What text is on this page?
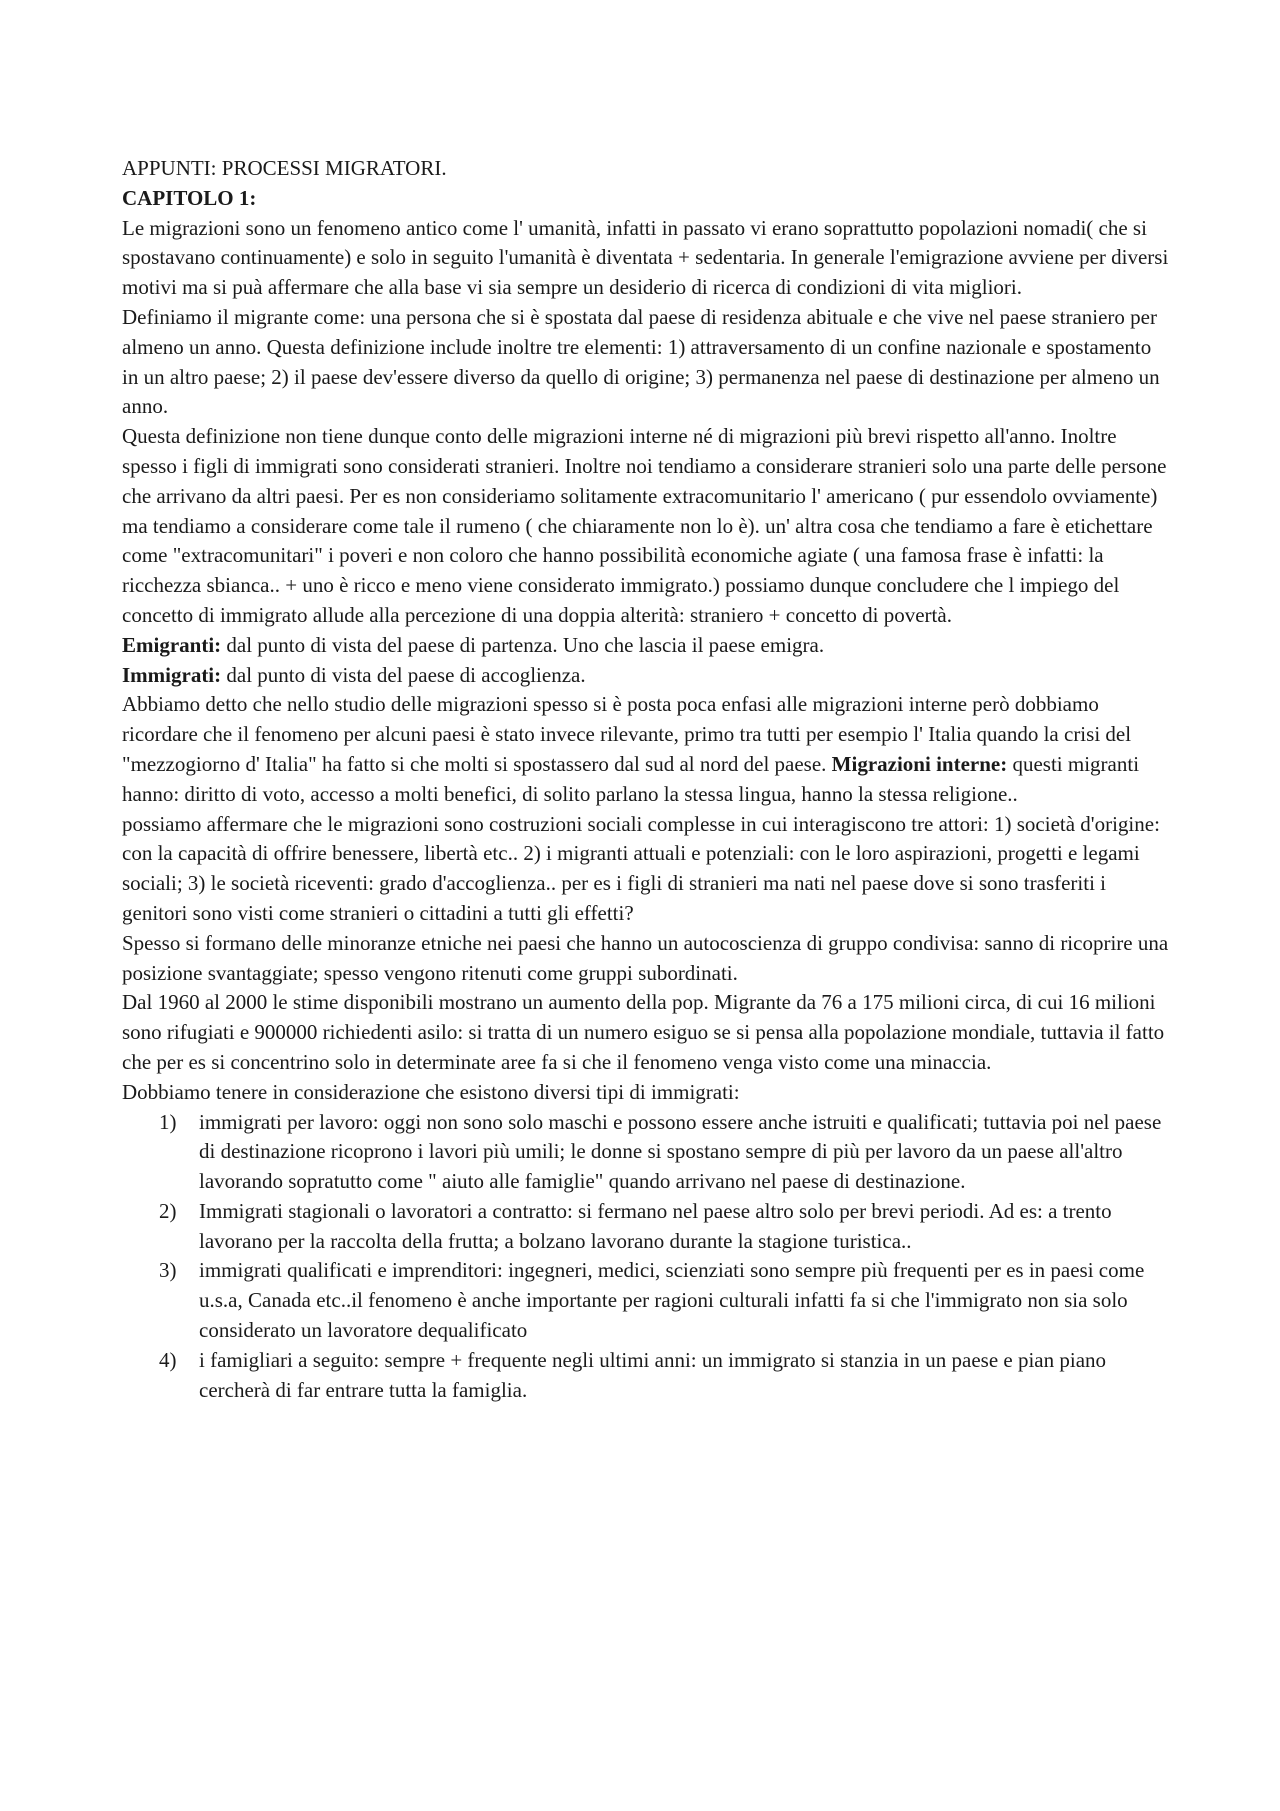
APPUNTI: PROCESSI MIGRATORI.

CAPITOLO 1:

Le migrazioni sono un fenomeno antico come l' umanità, infatti in passato vi erano soprattutto popolazioni nomadi( che si spostavano continuamente) e solo in seguito l'umanità è diventata + sedentaria. In generale l'emigrazione avviene per diversi motivi ma si puà affermare che alla base vi sia sempre un desiderio di ricerca di condizioni di vita migliori.

Definiamo il migrante come: una persona che si è spostata dal paese di residenza abituale e che vive nel paese straniero per almeno un anno. Questa definizione include inoltre tre elementi: 1) attraversamento di un confine nazionale e spostamento in un altro paese; 2) il paese dev'essere diverso da quello di origine; 3) permanenza nel paese di destinazione per almeno un anno.

Questa definizione non tiene dunque conto delle migrazioni interne né di migrazioni più brevi rispetto all'anno. Inoltre spesso i figli di immigrati sono considerati stranieri. Inoltre noi tendiamo a considerare stranieri solo una parte delle persone che arrivano da altri paesi. Per es non consideriamo solitamente extracomunitario l' americano ( pur essendolo ovviamente) ma tendiamo a considerare come tale il rumeno ( che chiaramente non lo è). un' altra cosa che tendiamo a fare è etichettare come "extracomunitari" i poveri e non coloro che hanno possibilità economiche agiate ( una famosa frase è infatti: la ricchezza sbianca.. + uno è ricco e meno viene considerato immigrato.) possiamo dunque concludere che l impiego del concetto di immigrato allude alla percezione di una doppia alterità: straniero + concetto di povertà.

Emigranti: dal punto di vista del paese di partenza. Uno che lascia il paese emigra.

Immigrati: dal punto di vista del paese di accoglienza.

Abbiamo detto che nello studio delle migrazioni spesso si è posta poca enfasi alle migrazioni interne però dobbiamo ricordare che il fenomeno per alcuni paesi è stato invece rilevante, primo tra tutti per esempio l' Italia quando la crisi del "mezzogiorno d' Italia" ha fatto si che molti si spostassero dal sud al nord del paese. Migrazioni interne: questi migranti hanno: diritto di voto, accesso a molti benefici, di solito parlano la stessa lingua, hanno la stessa religione..

possiamo affermare che le migrazioni sono costruzioni sociali complesse in cui interagiscono tre attori: 1) società d'origine: con la capacità di offrire benessere, libertà etc.. 2) i migranti attuali e potenziali: con le loro aspirazioni, progetti e legami sociali; 3) le società riceventi: grado d'accoglienza.. per es i figli di stranieri ma nati nel paese dove si sono trasferiti i genitori sono visti come stranieri o cittadini a tutti gli effetti?

Spesso si formano delle minoranze etniche nei paesi che hanno un autocoscienza di gruppo condivisa: sanno di ricoprire una posizione svantaggiate; spesso vengono ritenuti come gruppi subordinati.

Dal 1960 al 2000 le stime disponibili mostrano un aumento della pop. Migrante da 76 a 175 milioni circa, di cui 16 milioni sono rifugiati e 900000 richiedenti asilo: si tratta di un numero esiguo se si pensa alla popolazione mondiale, tuttavia il fatto che per es si concentrino solo in determinate aree fa si che il fenomeno venga visto come una minaccia.

Dobbiamo tenere in considerazione che esistono diversi tipi di immigrati:

1) immigrati per lavoro: oggi non sono solo maschi e possono essere anche istruiti e qualificati; tuttavia poi nel paese di destinazione ricoprono i lavori più umili; le donne si spostano sempre di più per lavoro da un paese all'altro lavorando sopratutto come " aiuto alle famiglie" quando arrivano nel paese di destinazione.
2) Immigrati stagionali o lavoratori a contratto: si fermano nel paese altro solo per brevi periodi. Ad es: a trento lavorano per la raccolta della frutta; a bolzano lavorano durante la stagione turistica..
3) immigrati qualificati e imprenditori: ingegneri, medici, scienziati sono sempre più frequenti per es in paesi come u.s.a, Canada etc..il fenomeno è anche importante per ragioni culturali infatti fa si che l'immigrato non sia solo considerato un lavoratore dequalificato
4) i famigliari a seguito: sempre + frequente negli ultimi anni: un immigrato si stanzia in un paese e pian piano cercherà di far entrare tutta la famiglia.
